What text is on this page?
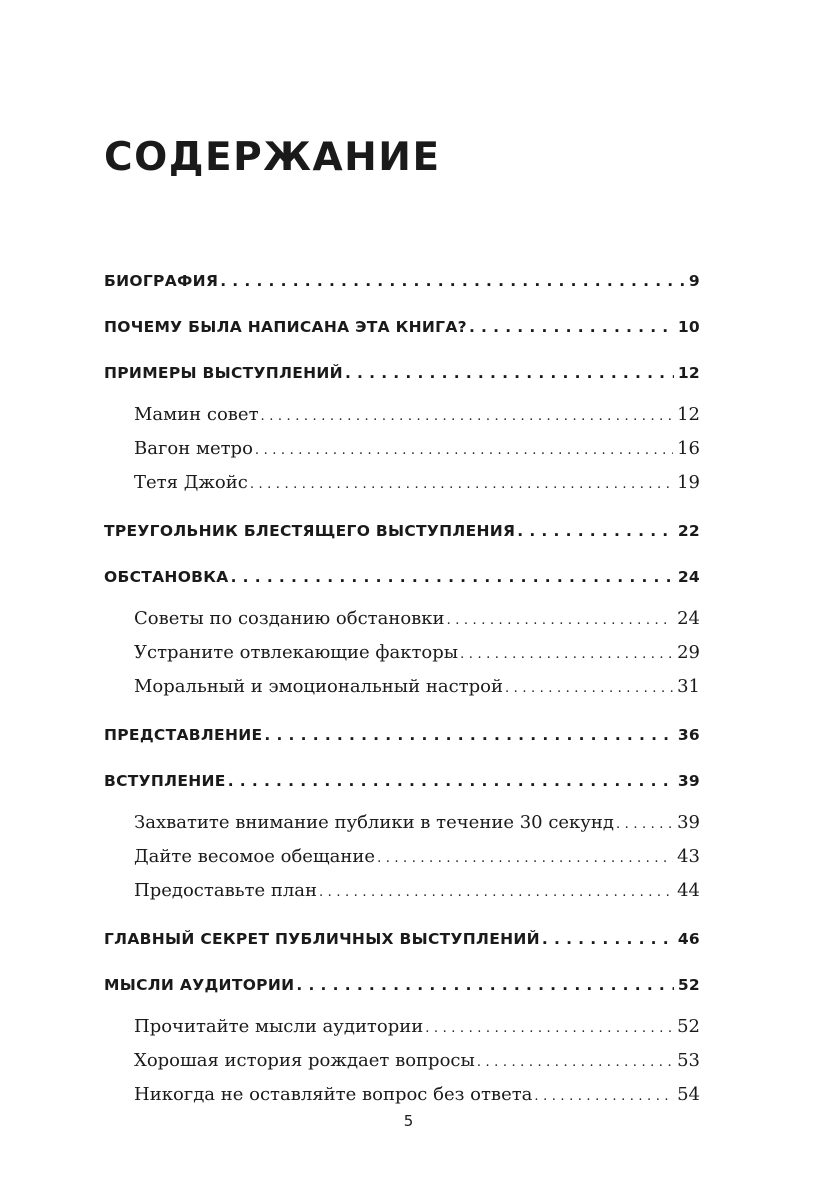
СОДЕРЖАНИЕ
БИОГРАФИЯ . . .	9
ПОЧЕМУ БЫЛА НАПИСАНА ЭТА КНИГА? . . .	10
ПРИМЕРЫ ВЫСТУПЛЕНИЙ . . .	12
Мамин совет . . .	12
Вагон метро . . .	16
Тетя Джойс . . .	19
ТРЕУГОЛЬНИК БЛЕСТЯЩЕГО ВЫСТУПЛЕНИЯ . . .	22
ОБСТАНОВКА . . .	24
Советы по созданию обстановки . . .	24
Устраните отвлекающие факторы . . .	29
Моральный и эмоциональный настрой . . .	31
ПРЕДСТАВЛЕНИЕ . . .	36
ВСТУПЛЕНИЕ . . .	39
Захватите внимание публики в течение 30 секунд . . .	39
Дайте весомое обещание . . .	43
Предоставьте план . . .	44
ГЛАВНЫЙ СЕКРЕТ ПУБЛИЧНЫХ ВЫСТУПЛЕНИЙ . . .	46
МЫСЛИ АУДИТОРИИ . . .	52
Прочитайте мысли аудитории . . .	52
Хорошая история рождает вопросы . . .	53
Никогда не оставляйте вопрос без ответа . . .	54
5
